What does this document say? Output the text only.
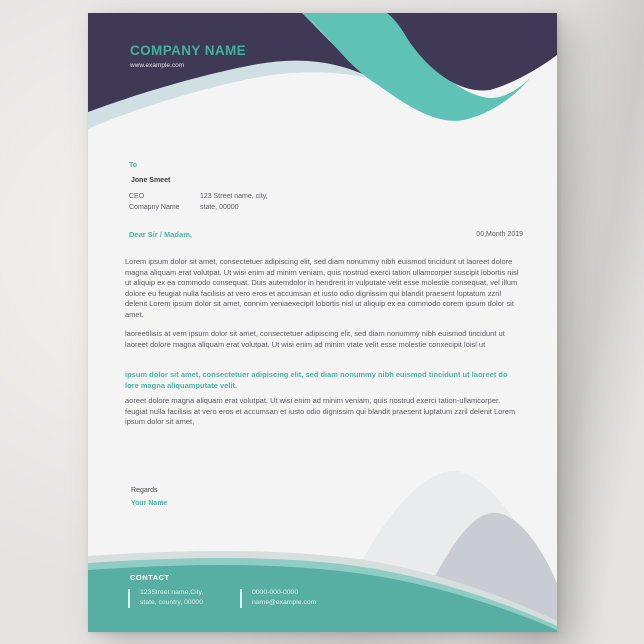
COMPANY NAME
www.example.com
To
Jone Smeet
CEO
Comapny Name
123 Street name, city,
state, 00000
Dear Sir / Madam,	00,Month 2019
Lorem ipsum dolor sit amet, consectetuer adipiscing elit, sed diam nonummy nibh euismod tincidunt ut laoreet dolore magna aliquam erat volutpat. Ut wisi enim ad minim veniam, quis nostrud exerci tation ullamcorper suscipit lobortis nisl ut aliquip ex ea commodo consequat. Duis autemdolor in hendrerit in vulputate velit esse molestie consequat, vel illum dolore eu feugiat nulla facilisis at vero eros et accumsan et iusto odio dignissim qui blandit praesent luptatum zzril delenit Lorem ipsum dolor sit amet, connim veniaexecipit lobortis nisl ut aliquip ex ea commodo corem ipsum dolor sit amet.
laoreetilisis at vem ipsum dolor sit amet, consectetuer adipiscing elit, sed diam nonummy nibh euismod tincidunt ut laoreet dolore magna aliquam erat volutpat. Ut wisi enim ad minim vtate velit esse molestie conxecipit loisl ut
ipsum dolor sit amet, consectetuer adipiscing elit, sed diam nonummy nibh euismod tincidunt ut laoreet do lore magna aliquamputate velit.
aoreet dolore magna aliquam erat volutpat. Ut wisi enim ad minim veniam, quis nostrud exerci tation-ullamcorper. feugiat nulla facilisis at vero eros et accumsan et iusto odio dignissim qui blandit praesent luptatum zzril delenit Lorem ipsum dolor sit amet,
Regards
Your Name
CONTACT
123Street name,City,
state, country, 00000
0000-000-0000
name@example.com
